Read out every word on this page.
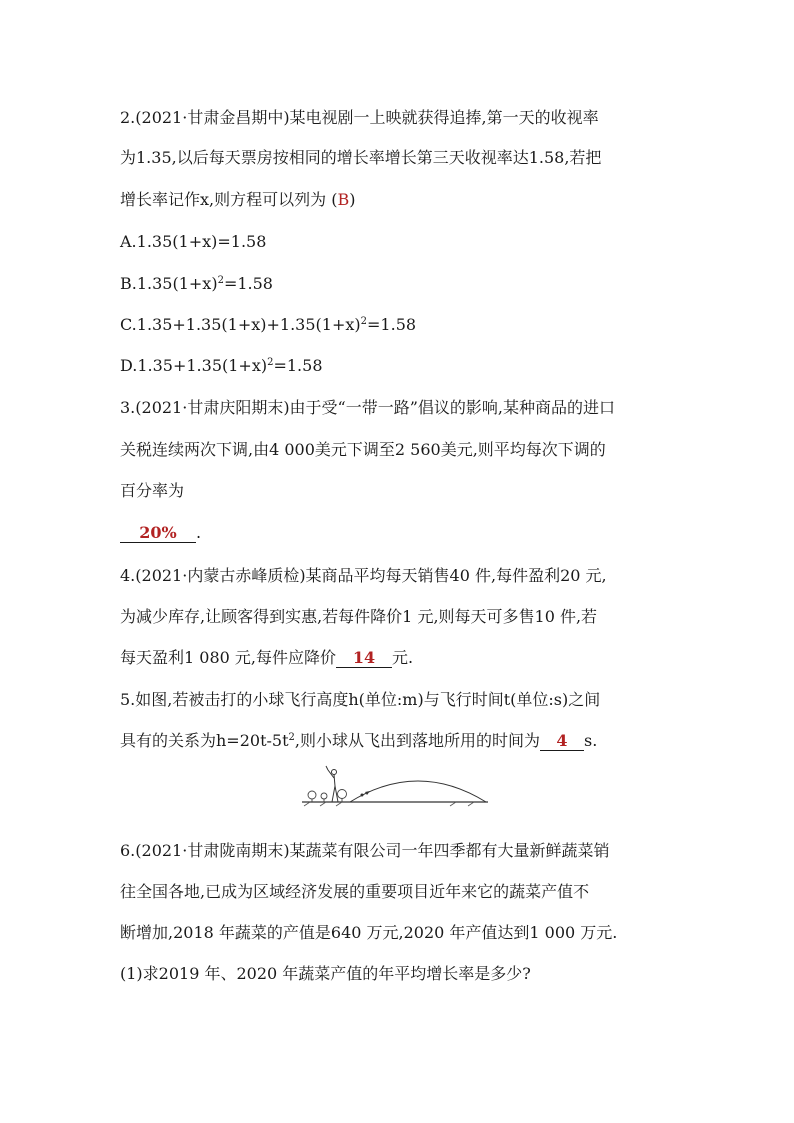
2.(2021·甘肃金昌期中)某电视剧一上映就获得追捧,第一天的收视率
为1.35,以后每天票房按相同的增长率增长第三天收视率达1.58,若把
增长率记作x,则方程可以列为 (B)
A.1.35(1+x)=1.58
$B.1.35(1+x)^2=1.58$
$C.1.35+1.35(1+x)+1.35(1+x)^2=1.58$
$D.1.35+1.35(1+x)^2=1.58$
3.(2021·甘肃庆阳期末)由于受“一带一路”倡议的影响,某种商品的进口
关税连续两次下调,由4 000美元下调至2 560美元,则平均每次下调的
百分率为
20% .
4.(2021·内蒙古赤峰质检)某商品平均每天销售40 件,每件盈利20 元,
为减少库存,让顾客得到实惠,若每件降价1 元,则每天可多售10 件,若
每天盈利1 080 元,每件应降价 14 元.
5.如图,若被击打的小球飞行高度h(单位:m)与飞行时间t(单位:s)之间
具有的关系为$h=20t-5t^2$,则小球从飞出到落地所用的时间为 4 s.
6.(2021·甘肃陇南期末)某蔬菜有限公司一年四季都有大量新鲜蔬菜销
往全国各地,已成为区域经济发展的重要项目近年来它的蔬菜产值不
断增加,2018 年蔬菜的产值是640 万元,2020 年产值达到1 000 万元.
(1)求2019 年、2020 年蔬菜产值的年平均增长率是多少?
